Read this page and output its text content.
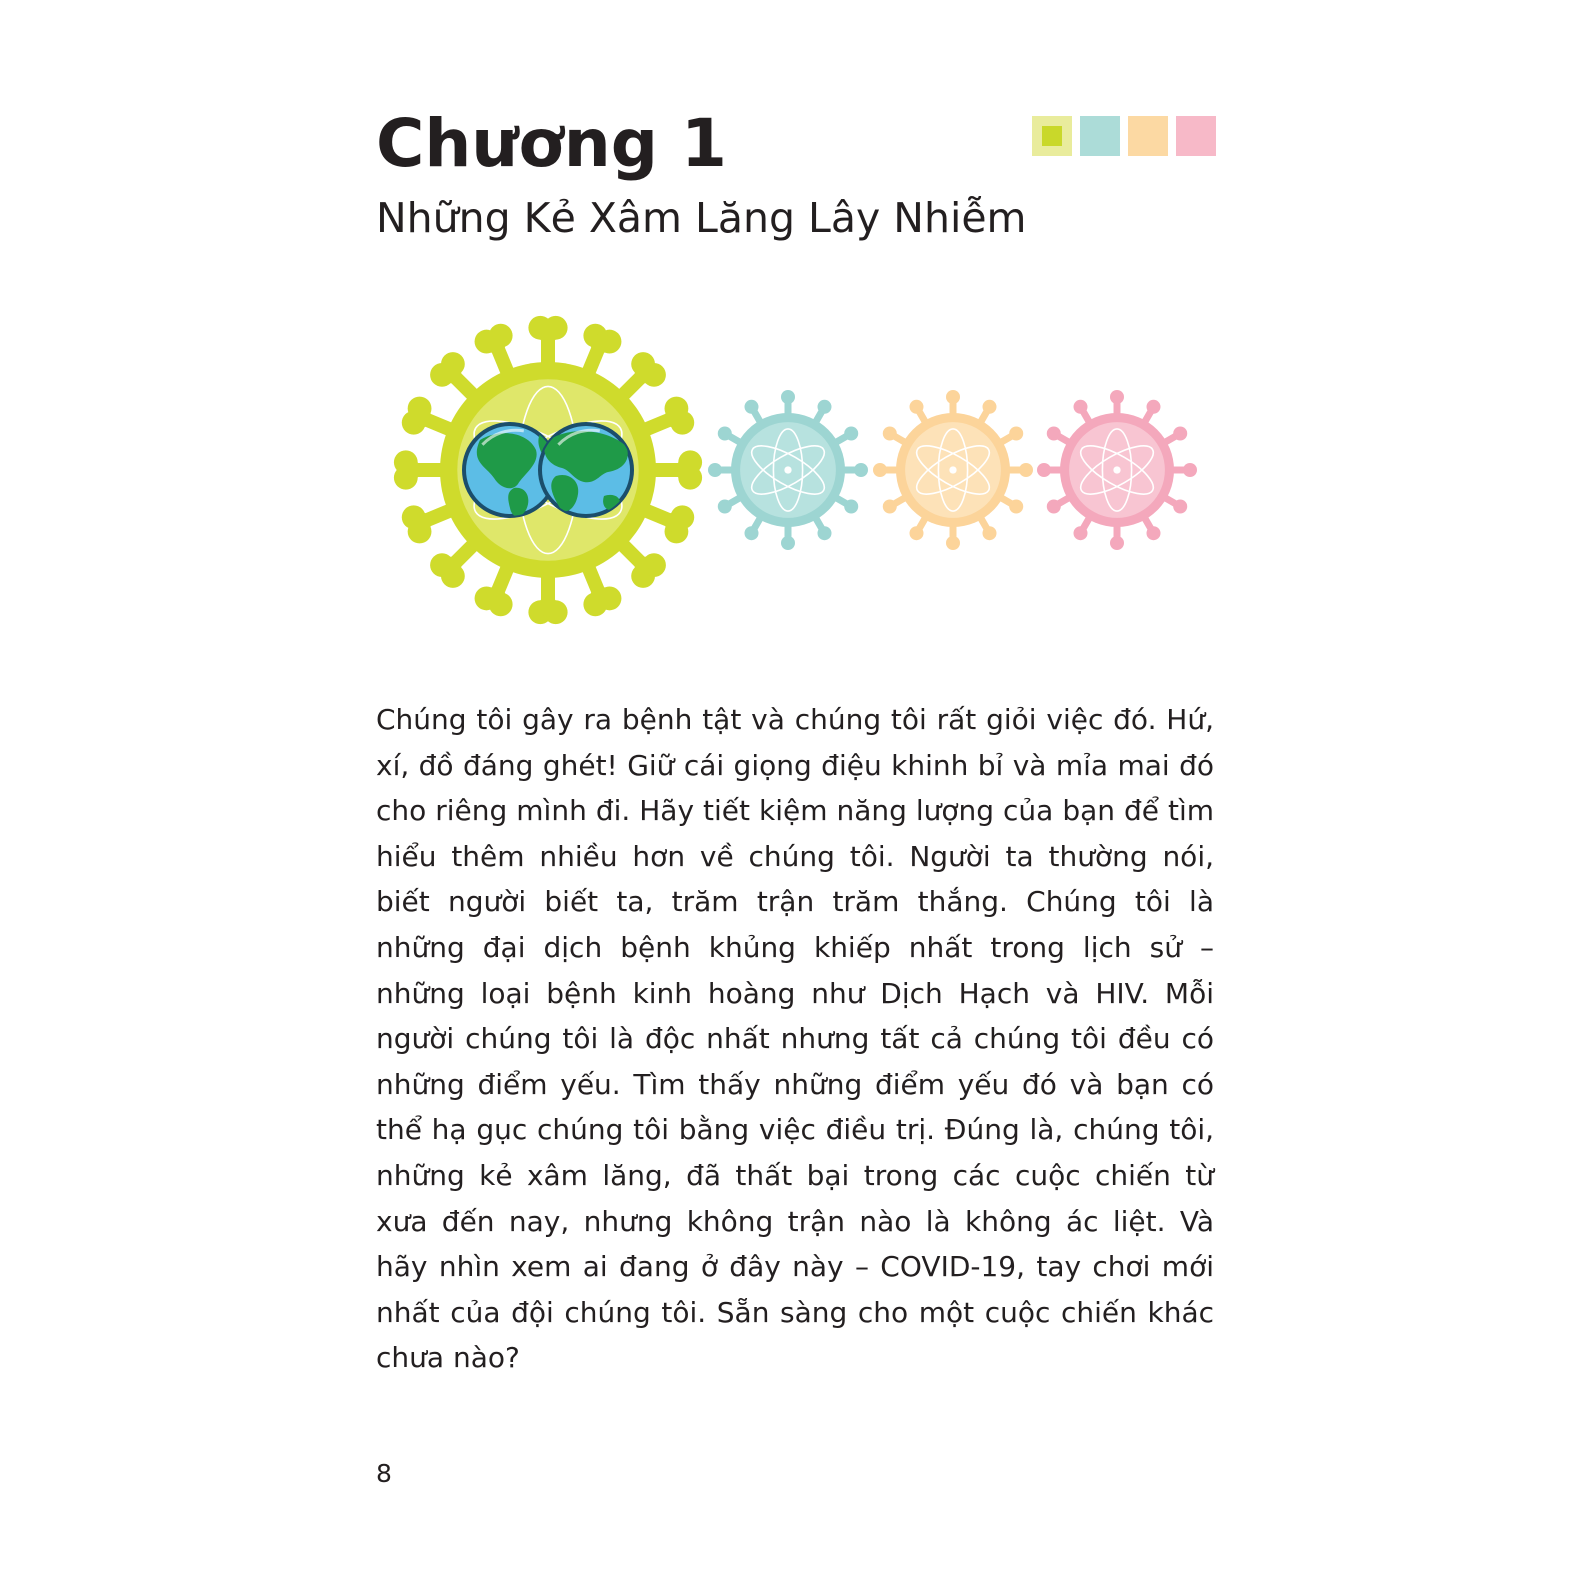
Chương 1
Những Kẻ Xâm Lăng Lây Nhiễm

Chúng tôi gây ra bệnh tật và chúng tôi rất giỏi việc đó. Hứ, xí, đồ đáng ghét! Giữ cái giọng điệu khinh bỉ và mỉa mai đó cho riêng mình đi. Hãy tiết kiệm năng lượng của bạn để tìm hiểu thêm nhiều hơn về chúng tôi. Người ta thường nói, biết người biết ta, trăm trận trăm thắng. Chúng tôi là những đại dịch bệnh khủng khiếp nhất trong lịch sử – những loại bệnh kinh hoàng như Dịch Hạch và HIV. Mỗi người chúng tôi là độc nhất nhưng tất cả chúng tôi đều có những điểm yếu. Tìm thấy những điểm yếu đó và bạn có thể hạ gục chúng tôi bằng việc điều trị. Đúng là, chúng tôi, những kẻ xâm lăng, đã thất bại trong các cuộc chiến từ xưa đến nay, nhưng không trận nào là không ác liệt. Và hãy nhìn xem ai đang ở đây này – COVID-19, tay chơi mới nhất của đội chúng tôi. Sẵn sàng cho một cuộc chiến khác chưa nào?

8
